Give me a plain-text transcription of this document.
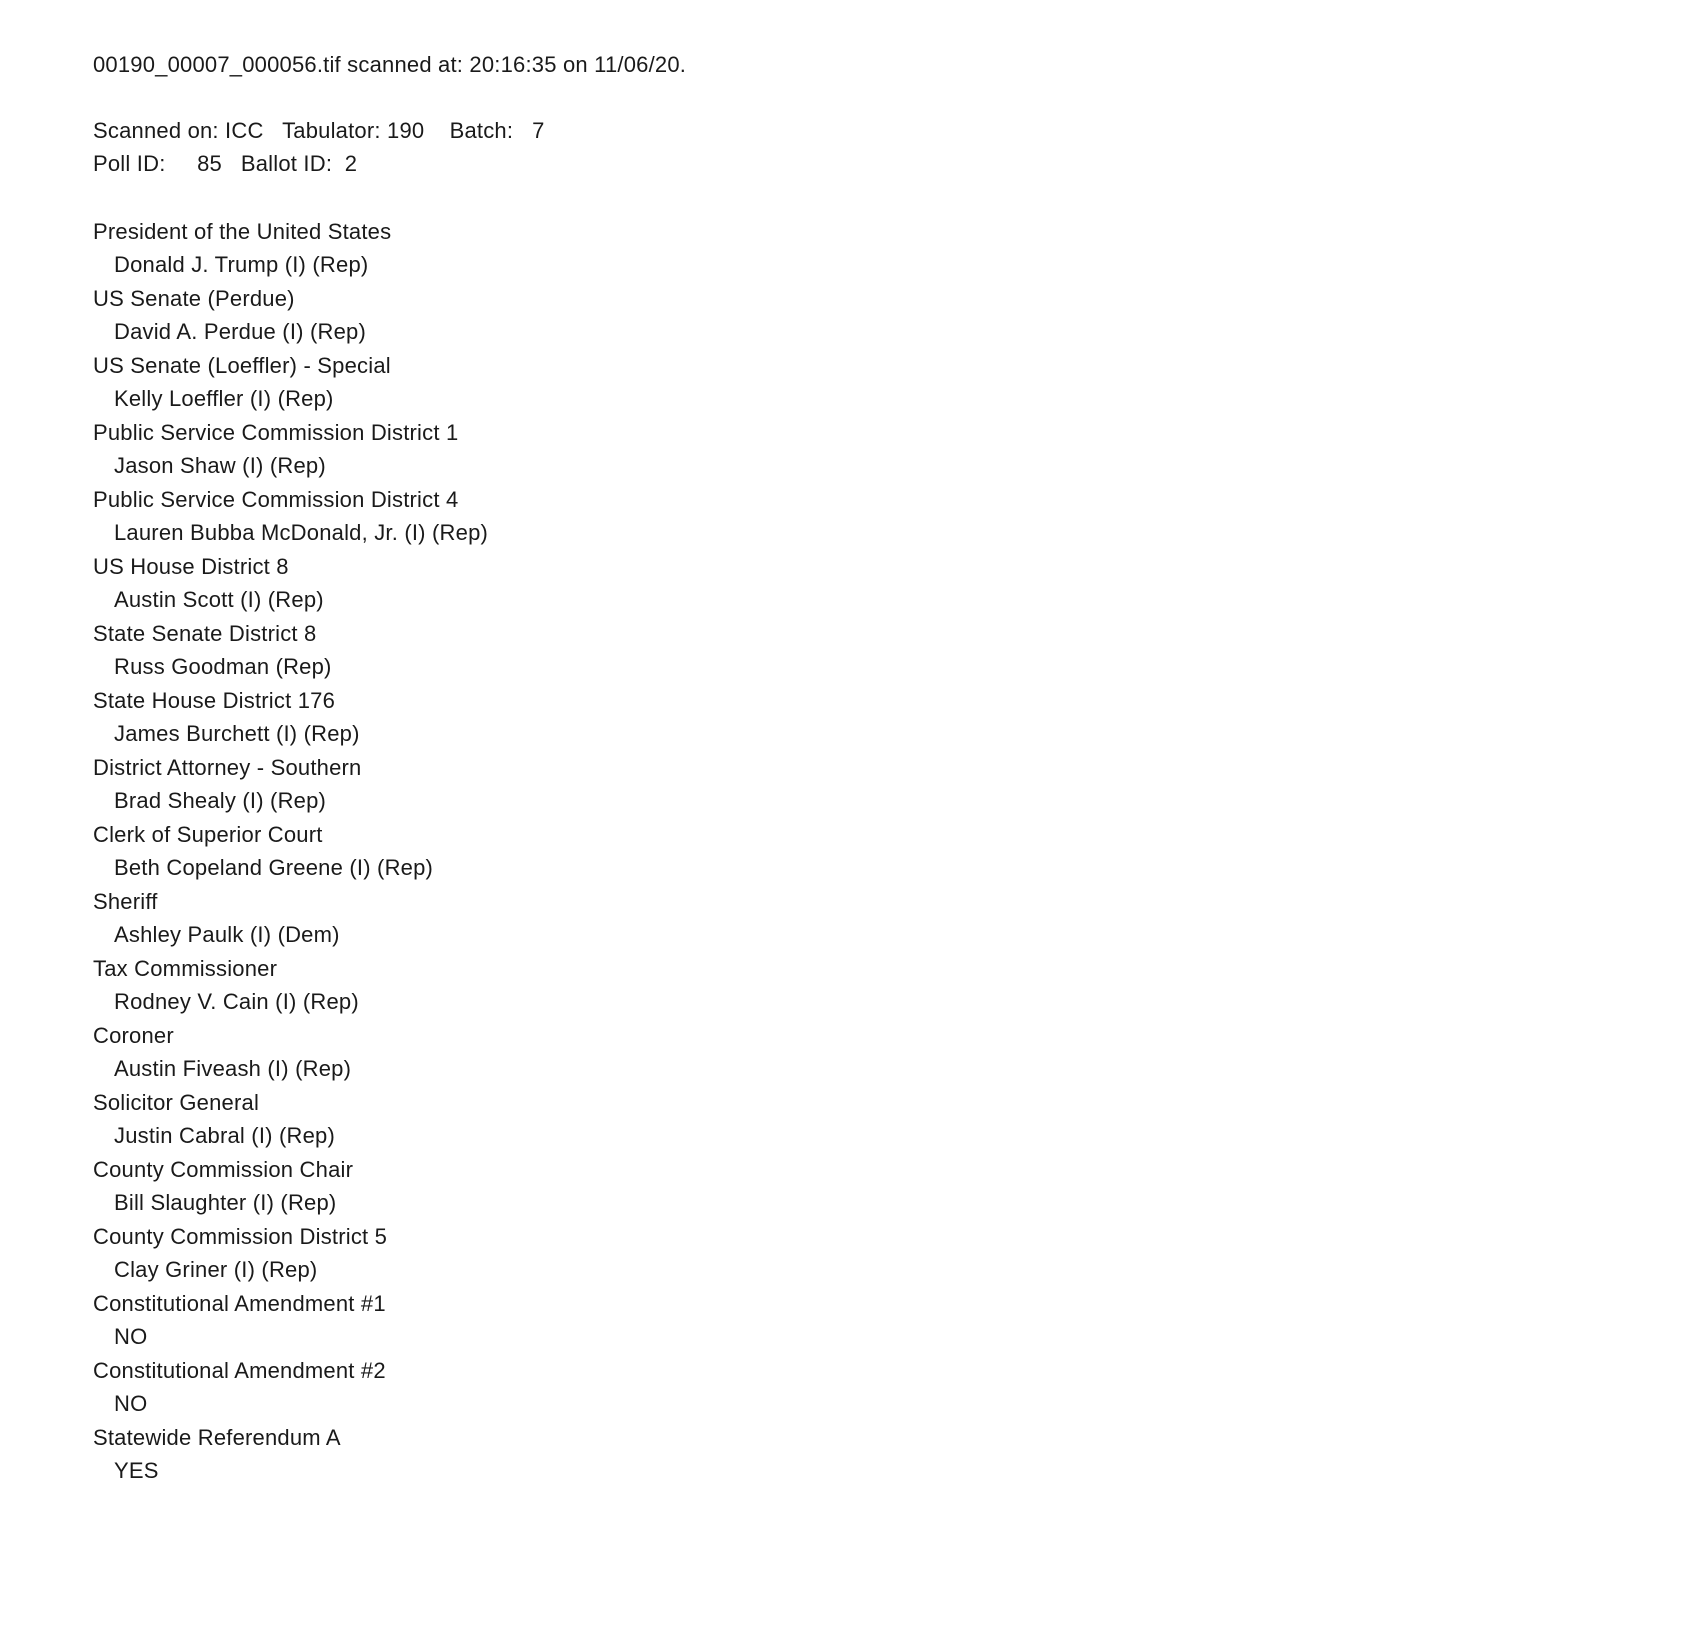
00190_00007_000056.tif scanned at: 20:16:35 on 11/06/20.
Scanned on: ICC   Tabulator: 190    Batch:   7
Poll ID:     85   Ballot ID:  2
President of the United States
Donald J. Trump (I) (Rep)
US Senate (Perdue)
David A. Perdue (I) (Rep)
US Senate (Loeffler) - Special
Kelly Loeffler (I) (Rep)
Public Service Commission District 1
Jason Shaw (I) (Rep)
Public Service Commission District 4
Lauren Bubba McDonald, Jr. (I) (Rep)
US House District 8
Austin Scott (I) (Rep)
State Senate District 8
Russ Goodman (Rep)
State House District 176
James Burchett (I) (Rep)
District Attorney - Southern
Brad Shealy (I) (Rep)
Clerk of Superior Court
Beth Copeland Greene (I) (Rep)
Sheriff
Ashley Paulk (I) (Dem)
Tax Commissioner
Rodney V. Cain (I) (Rep)
Coroner
Austin Fiveash (I) (Rep)
Solicitor General
Justin Cabral (I) (Rep)
County Commission Chair
Bill Slaughter (I) (Rep)
County Commission District 5
Clay Griner (I) (Rep)
Constitutional Amendment #1
NO
Constitutional Amendment #2
NO
Statewide Referendum A
YES
